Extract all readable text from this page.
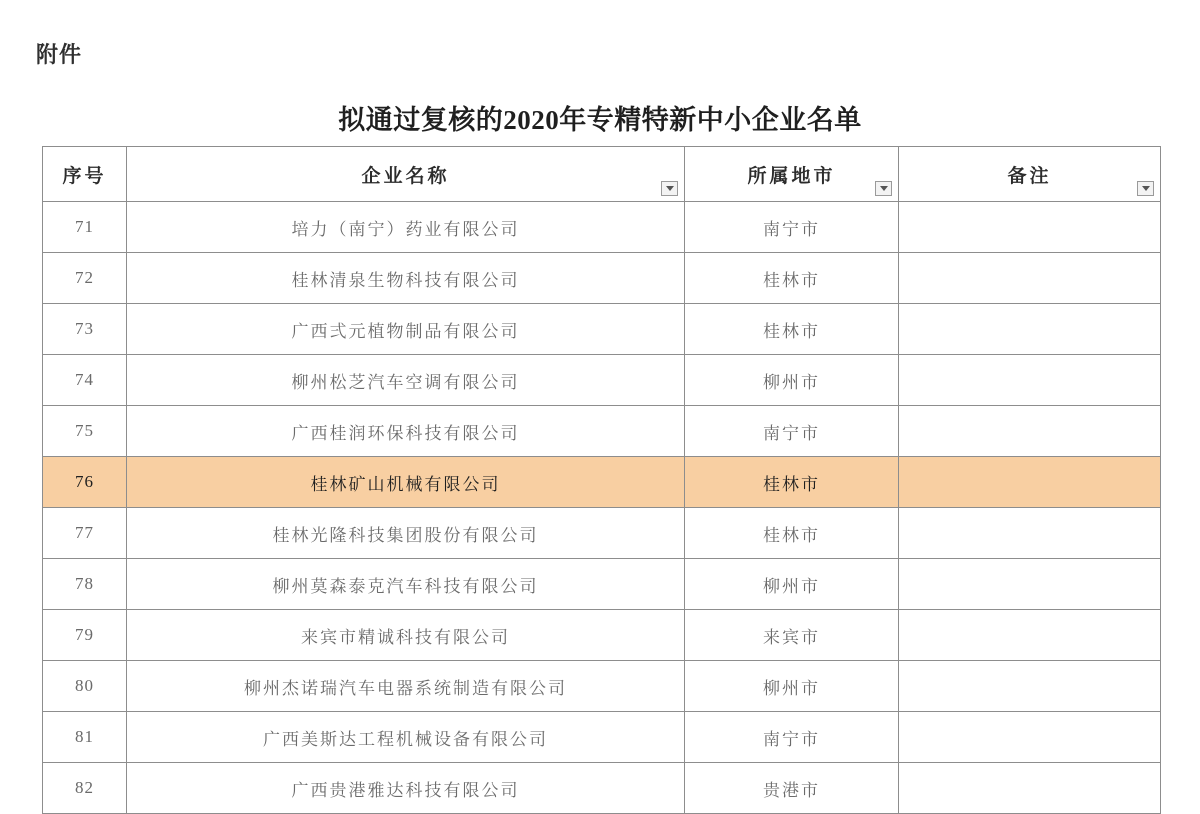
附件
拟通过复核的2020年专精特新中小企业名单
序号	企业名称	所属地市	备注

71	培力（南宁）药业有限公司	南宁市	
72	桂林清泉生物科技有限公司	桂林市	
73	广西弍元植物制品有限公司	桂林市	
74	柳州松芝汽车空调有限公司	柳州市	
75	广西桂润环保科技有限公司	南宁市	
76	桂林矿山机械有限公司	桂林市	
77	桂林光隆科技集团股份有限公司	桂林市	
78	柳州莫森泰克汽车科技有限公司	柳州市	
79	来宾市精诚科技有限公司	来宾市	
80	柳州杰诺瑞汽车电器系统制造有限公司	柳州市	
81	广西美斯达工程机械设备有限公司	南宁市	
82	广西贵港雅达科技有限公司	贵港市	
